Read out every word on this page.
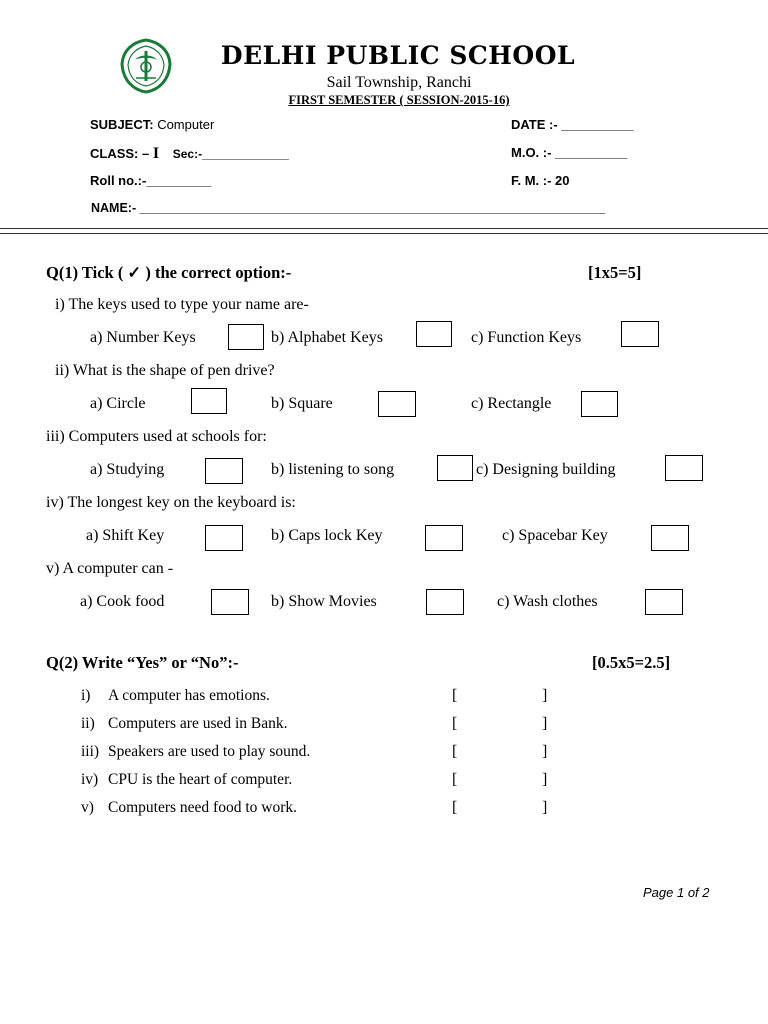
DELHI PUBLIC SCHOOL
Sail Township, Ranchi
FIRST SEMESTER ( SESSION-2015-16)
SUBJECT: Computer	DATE :- __________
CLASS: – I Sec:-_____________	M.O. :- __________
Roll no.:-_________	F. M. :- 20
NAME:- ___________________________________________________________________
Q(1) Tick ( ✓ ) the correct option:-	[1x5=5]
i) The keys used to type your name are-
a) Number Keys	b) Alphabet Keys	c) Function Keys
ii) What is the shape of pen drive?
a) Circle	b) Square	c) Rectangle
iii) Computers used at schools for:
a) Studying	b) listening to song	c) Designing building
iv) The longest key on the keyboard is:
a) Shift Key	b) Caps lock Key	c) Spacebar Key
v) A computer can -
a) Cook food	b) Show Movies	c) Wash clothes
Q(2) Write “Yes” or “No”:-	[0.5x5=2.5]
i) A computer has emotions.	[	]
ii) Computers are used in Bank.	[	]
iii) Speakers are used to play sound.	[	]
iv) CPU is the heart of computer.	[	]
v) Computers need food to work.	[	]
Page 1 of 2
